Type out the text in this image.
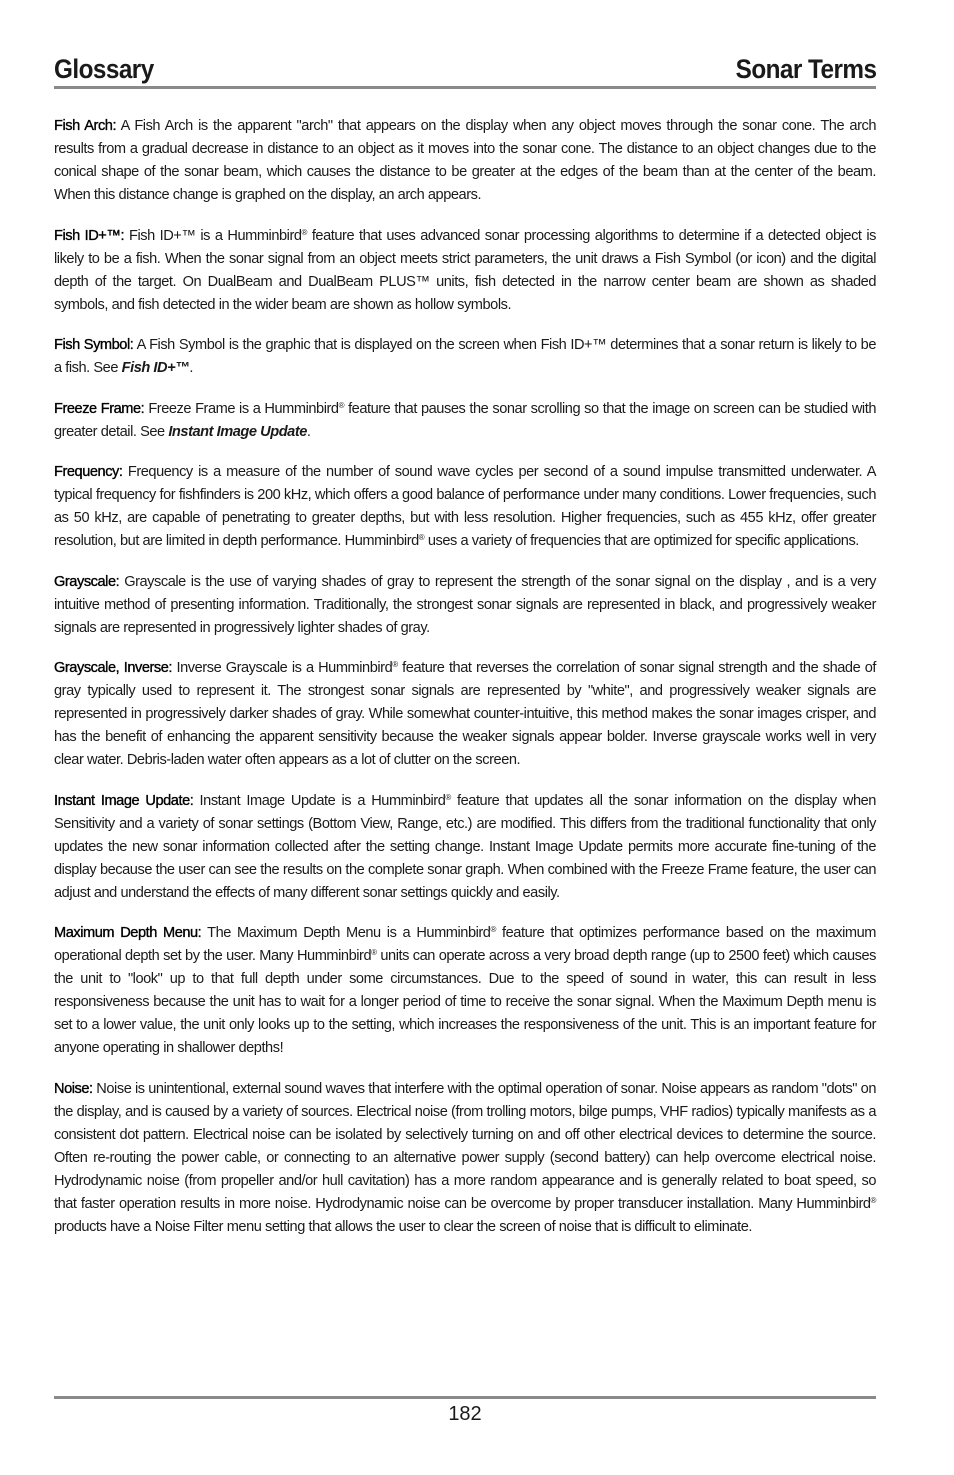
Glossary	Sonar Terms

Fish Arch: A Fish Arch is the apparent "arch" that appears on the display when any object moves through the sonar cone. The arch results from a gradual decrease in distance to an object as it moves into the sonar cone. The distance to an object changes due to the conical shape of the sonar beam, which causes the distance to be greater at the edges of the beam than at the center of the beam. When this distance change is graphed on the display, an arch appears.

Fish ID+™: Fish ID+™ is a Humminbird® feature that uses advanced sonar processing algorithms to determine if a detected object is likely to be a fish. When the sonar signal from an object meets strict parameters, the unit draws a Fish Symbol (or icon) and the digital depth of the target. On DualBeam and DualBeam PLUS™ units, fish detected in the narrow center beam are shown as shaded symbols, and fish detected in the wider beam are shown as hollow symbols.

Fish Symbol: A Fish Symbol is the graphic that is displayed on the screen when Fish ID+™ determines that a sonar return is likely to be a fish. See Fish ID+™.

Freeze Frame: Freeze Frame is a Humminbird® feature that pauses the sonar scrolling so that the image on screen can be studied with greater detail. See Instant Image Update.

Frequency: Frequency is a measure of the number of sound wave cycles per second of a sound impulse transmitted underwater. A typical frequency for fishfinders is 200 kHz, which offers a good balance of performance under many conditions. Lower frequencies, such as 50 kHz, are capable of penetrating to greater depths, but with less resolution. Higher frequencies, such as 455 kHz, offer greater resolution, but are limited in depth performance. Humminbird® uses a variety of frequencies that are optimized for specific applications.

Grayscale: Grayscale is the use of varying shades of gray to represent the strength of the sonar signal on the display , and is a very intuitive method of presenting information. Traditionally, the strongest sonar signals are represented in black, and progressively weaker signals are represented in progressively lighter shades of gray.

Grayscale, Inverse: Inverse Grayscale is a Humminbird® feature that reverses the correlation of sonar signal strength and the shade of gray typically used to represent it. The strongest sonar signals are represented by "white", and progressively weaker signals are represented in progressively darker shades of gray. While somewhat counter-intuitive, this method makes the sonar images crisper, and has the benefit of enhancing the apparent sensitivity because the weaker signals appear bolder. Inverse grayscale works well in very clear water. Debris-laden water often appears as a lot of clutter on the screen.

Instant Image Update: Instant Image Update is a Humminbird® feature that updates all the sonar information on the display when Sensitivity and a variety of sonar settings (Bottom View, Range, etc.) are modified. This differs from the traditional functionality that only updates the new sonar information collected after the setting change. Instant Image Update permits more accurate fine-tuning of the display because the user can see the results on the complete sonar graph. When combined with the Freeze Frame feature, the user can adjust and understand the effects of many different sonar settings quickly and easily.

Maximum Depth Menu: The Maximum Depth Menu is a Humminbird® feature that optimizes performance based on the maximum operational depth set by the user. Many Humminbird® units can operate across a very broad depth range (up to 2500 feet) which causes the unit to "look" up to that full depth under some circumstances. Due to the speed of sound in water, this can result in less responsiveness because the unit has to wait for a longer period of time to receive the sonar signal. When the Maximum Depth menu is set to a lower value, the unit only looks up to the setting, which increases the responsiveness of the unit. This is an important feature for anyone operating in shallower depths!

Noise: Noise is unintentional, external sound waves that interfere with the optimal operation of sonar. Noise appears as random "dots" on the display, and is caused by a variety of sources. Electrical noise (from trolling motors, bilge pumps, VHF radios) typically manifests as a consistent dot pattern. Electrical noise can be isolated by selectively turning on and off other electrical devices to determine the source. Often re-routing the power cable, or connecting to an alternative power supply (second battery) can help overcome electrical noise. Hydrodynamic noise (from propeller and/or hull cavitation) has a more random appearance and is generally related to boat speed, so that faster operation results in more noise. Hydrodynamic noise can be overcome by proper transducer installation. Many Humminbird® products have a Noise Filter menu setting that allows the user to clear the screen of noise that is difficult to eliminate.

182
